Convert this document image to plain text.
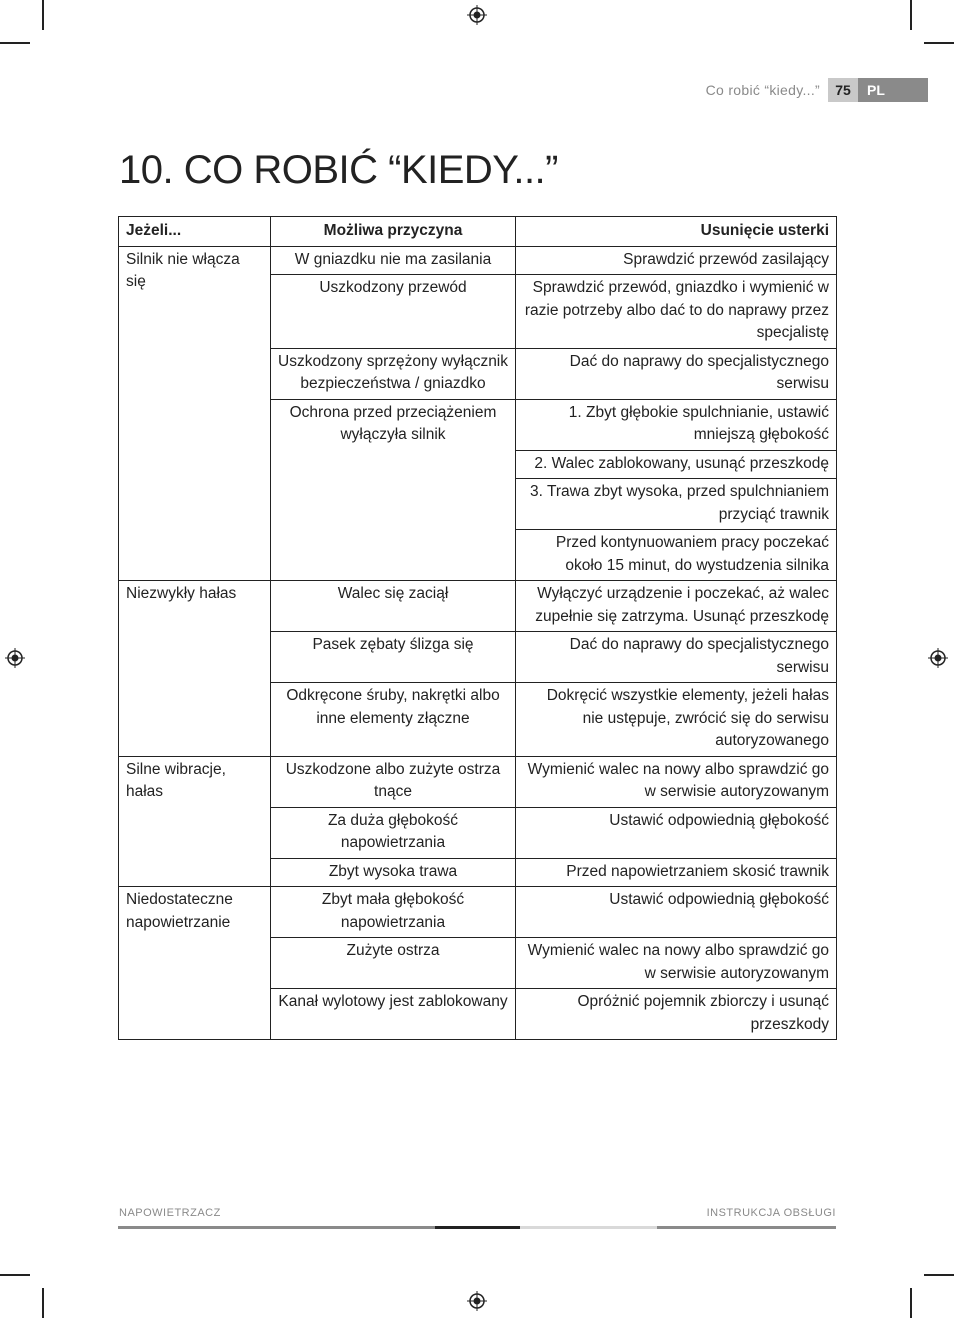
Co robić “kiedy...”	75	PL
10. CO ROBIĆ “KIEDY...”
Jeżeli...	Możliwa przyczyna	Usunięcie usterki
Silnik nie włącza się	W gniazdku nie ma zasilania	Sprawdzić przewód zasilający
	Uszkodzony przewód	Sprawdzić przewód, gniazdko i wymienić w razie potrzeby albo dać to do naprawy przez specjalistę
	Uszkodzony sprzężony wyłącznik bezpieczeństwa / gniazdko	Dać do naprawy do specjalistycznego serwisu
	Ochrona przed przeciążeniem wyłączyła silnik	1. Zbyt głębokie spulchnianie, ustawić mniejszą głębokość
		2. Walec zablokowany, usunąć przeszkodę
		3. Trawa zbyt wysoka, przed spulchnianiem przyciąć trawnik
		Przed kontynuowaniem pracy poczekać około 15 minut, do wystudzenia silnika
Niezwykły hałas	Walec się zaciął	Wyłączyć urządzenie i poczekać, aż walec zupełnie się zatrzyma. Usunąć przeszkodę
	Pasek zębaty ślizga się	Dać do naprawy do specjalistycznego serwisu
	Odkręcone śruby, nakrętki albo inne elementy złączne	Dokręcić wszystkie elementy, jeżeli hałas nie ustępuje, zwrócić się do serwisu autoryzowanego
Silne wibracje, hałas	Uszkodzone albo zużyte ostrza tnące	Wymienić walec na nowy albo sprawdzić go w serwisie autoryzowanym
	Za duża głębokość napowietrzania	Ustawić odpowiednią głębokość
	Zbyt wysoka trawa	Przed napowietrzaniem skosić trawnik
Niedostateczne napowietrzanie	Zbyt mała głębokość napowietrzania	Ustawić odpowiednią głębokość
	Zużyte ostrza	Wymienić walec na nowy albo sprawdzić go w serwisie autoryzowanym
	Kanał wylotowy jest zablokowany	Opróżnić pojemnik zbiorczy i usunąć przeszkody
NAPOWIETRZACZ	INSTRUKCJA OBSŁUGI
